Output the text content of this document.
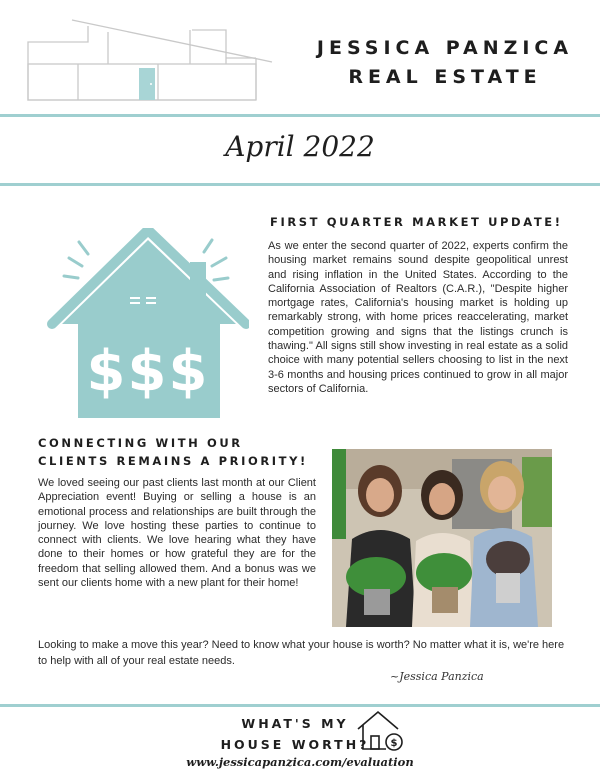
JESSICA PANZICA
REAL ESTATE
April 2022
$$$
FIRST QUARTER MARKET UPDATE!
As we enter the second quarter of 2022, experts confirm the housing market remains sound despite geopolitical unrest and rising inflation in the United States. According to the California Association of Realtors (C.A.R.), "Despite higher mortgage rates, California's housing market is holding up remarkably strong, with home prices reaccelerating, market competition growing and signs that the listings crunch is thawing." All signs still show investing in real estate as a solid choice with many potential sellers choosing to list in the next 3-6 months and housing prices continued to grow in all major sectors of California.
CONNECTING WITH OUR
CLIENTS REMAINS A PRIORITY!
We loved seeing our past clients last month at our Client Appreciation event! Buying or selling a house is an emotional process and relationships are built through the journey. We love hosting these parties to continue to connect with clients. We love hearing what they have done to their homes or how grateful they are for the freedom that selling allowed them. And a bonus was we sent our clients home with a new plant for their home!
Looking to make a move this year? Need to know what your house is worth? No matter what it is, we're here to help with all of your real estate needs.
~Jessica Panzica
WHAT'S MY
HOUSE WORTH?	$
www.jessicapanzica.com/evaluation
